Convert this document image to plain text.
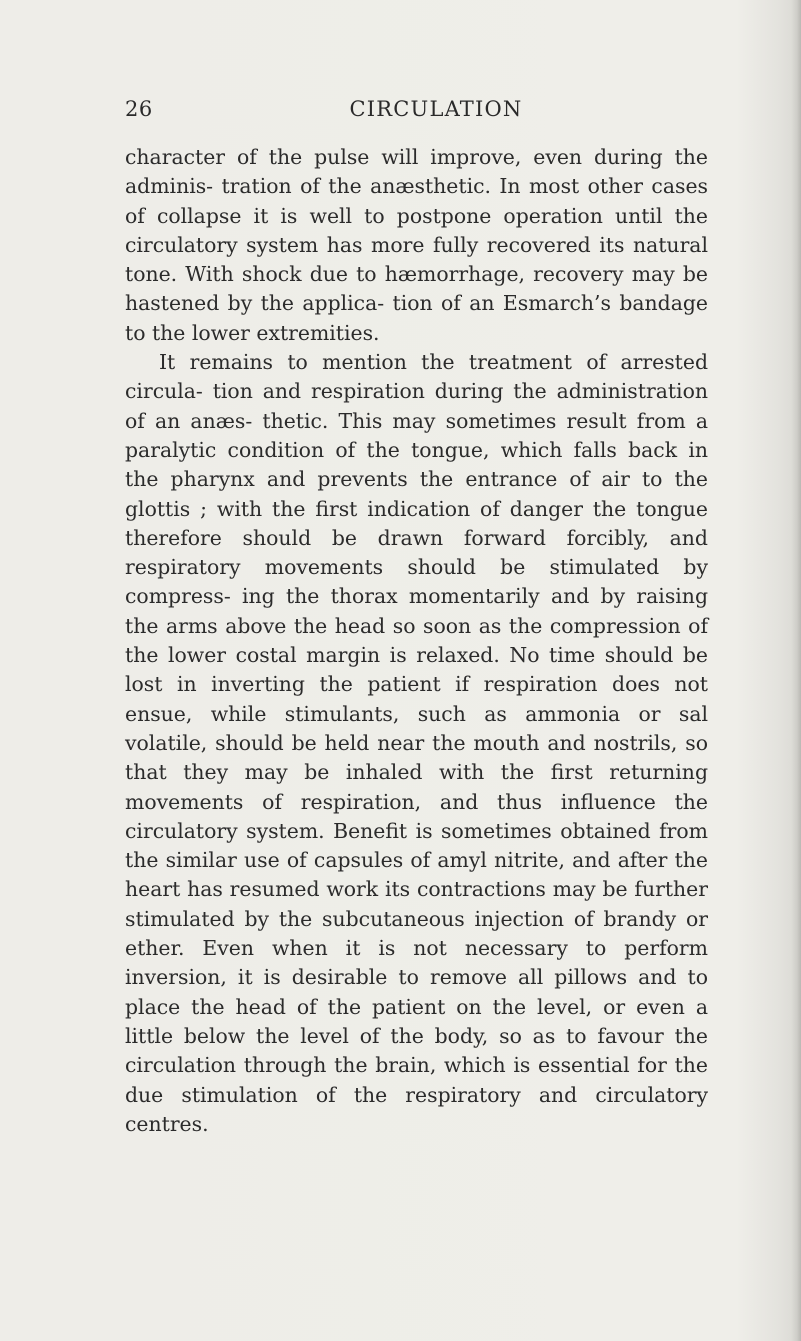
26	CIRCULATION

character of the pulse will improve, even during the adminis- tration of the anæsthetic. In most other cases of collapse it is well to postpone operation until the circulatory system has more fully recovered its natural tone. With shock due to hæmorrhage, recovery may be hastened by the applica- tion of an Esmarch’s bandage to the lower extremities.

It remains to mention the treatment of arrested circula- tion and respiration during the administration of an anæs- thetic. This may sometimes result from a paralytic condition of the tongue, which falls back in the pharynx and prevents the entrance of air to the glottis ; with the first indication of danger the tongue therefore should be drawn forward forcibly, and respiratory movements should be stimulated by compress- ing the thorax momentarily and by raising the arms above the head so soon as the compression of the lower costal margin is relaxed. No time should be lost in inverting the patient if respiration does not ensue, while stimulants, such as ammonia or sal volatile, should be held near the mouth and nostrils, so that they may be inhaled with the first returning movements of respiration, and thus influence the circulatory system. Benefit is sometimes obtained from the similar use of capsules of amyl nitrite, and after the heart has resumed work its contractions may be further stimulated by the subcutaneous injection of brandy or ether. Even when it is not necessary to perform inversion, it is desirable to remove all pillows and to place the head of the patient on the level, or even a little below the level of the body, so as to favour the circulation through the brain, which is essential for the due stimulation of the respiratory and circulatory centres.
